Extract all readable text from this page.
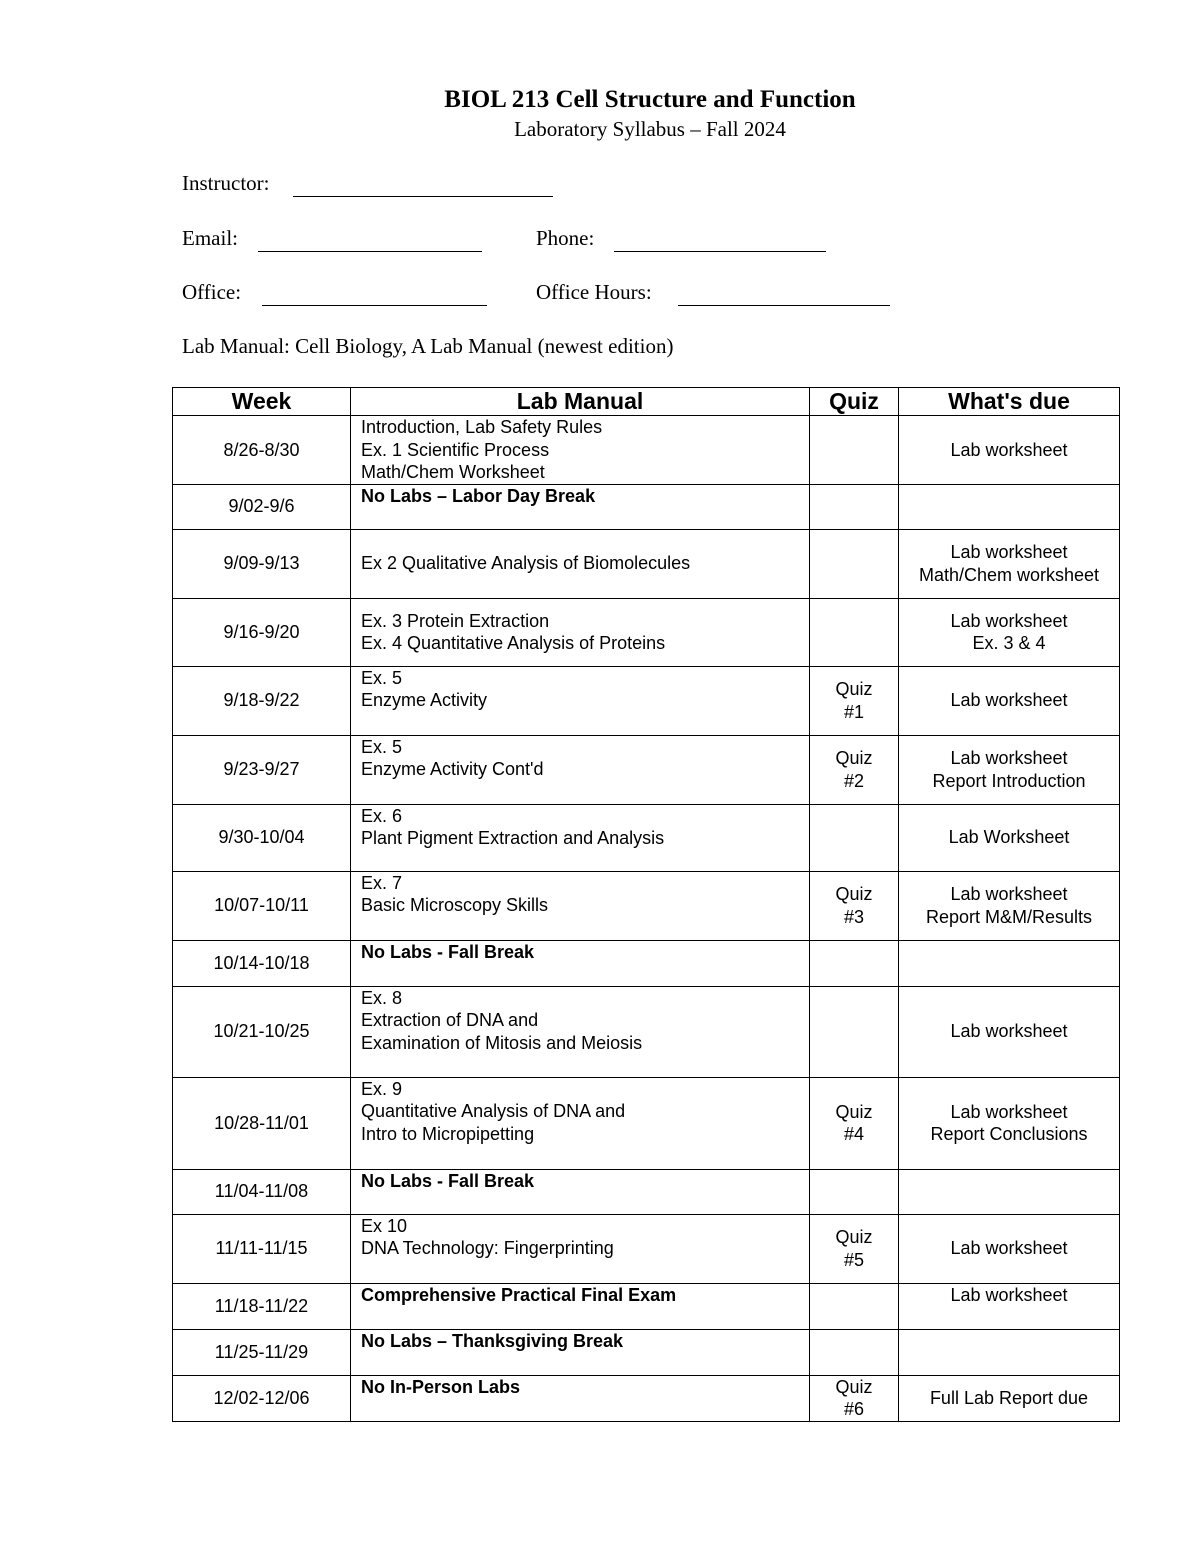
BIOL 213 Cell Structure and Function
Laboratory Syllabus – Fall 2024
Instructor:
Email:	Phone:
Office:	Office Hours:
Lab Manual: Cell Biology, A Lab Manual (newest edition)
Week	Lab Manual	Quiz	What's due
8/26-8/30	Introduction, Lab Safety Rules
Ex. 1 Scientific Process
Math/Chem Worksheet		Lab worksheet

9/02-9/6	No Labs – Labor Day Break		

9/09-9/13	Ex 2 Qualitative Analysis of Biomolecules		Lab worksheet
Math/Chem worksheet

9/16-9/20	Ex. 3 Protein Extraction
Ex. 4 Quantitative Analysis of Proteins		Lab worksheet
Ex. 3 & 4

9/18-9/22	Ex. 5
Enzyme Activity	Quiz
#1	Lab worksheet

9/23-9/27	Ex. 5
Enzyme Activity Cont'd	Quiz
#2	Lab worksheet
Report Introduction

9/30-10/04	Ex. 6
Plant Pigment Extraction and Analysis		Lab Worksheet

10/07-10/11	Ex. 7
Basic Microscopy Skills	Quiz
#3	Lab worksheet
Report M&M/Results

10/14-10/18	No Labs - Fall Break		

10/21-10/25	Ex. 8
Extraction of DNA and
Examination of Mitosis and Meiosis		Lab worksheet

10/28-11/01	Ex. 9
Quantitative Analysis of DNA and
Intro to Micropipetting	Quiz
#4	Lab worksheet
Report Conclusions

11/04-11/08	No Labs - Fall Break		

11/11-11/15	Ex 10
DNA Technology: Fingerprinting	Quiz
#5	Lab worksheet

11/18-11/22	Comprehensive Practical Final Exam		Lab worksheet

11/25-11/29	No Labs – Thanksgiving Break		

12/02-12/06	No In-Person Labs	Quiz
#6	Full Lab Report due
